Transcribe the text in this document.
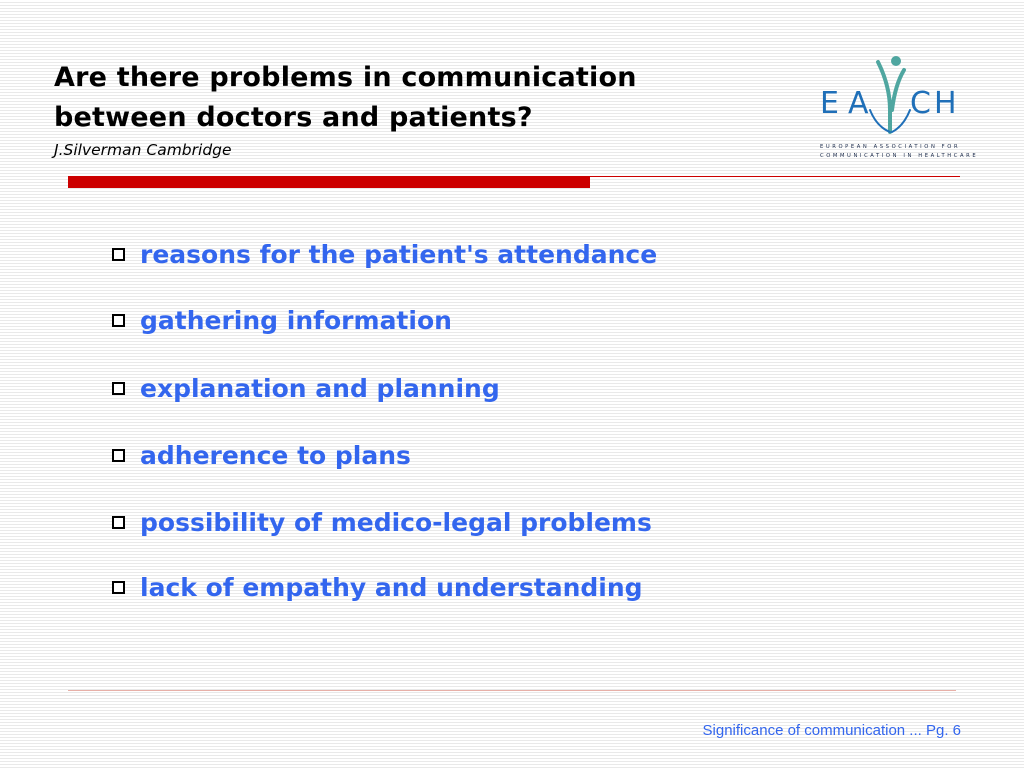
Are there problems in communication
between doctors and patients?
J.Silverman Cambridge
E A C H
EUROPEAN ASSOCIATION FOR
COMMUNICATION IN HEALTHCARE
reasons for the patient's attendance
gathering information
explanation and planning
adherence to plans
possibility of medico-legal problems
lack of empathy and understanding
Significance of communication ... Pg. 6
